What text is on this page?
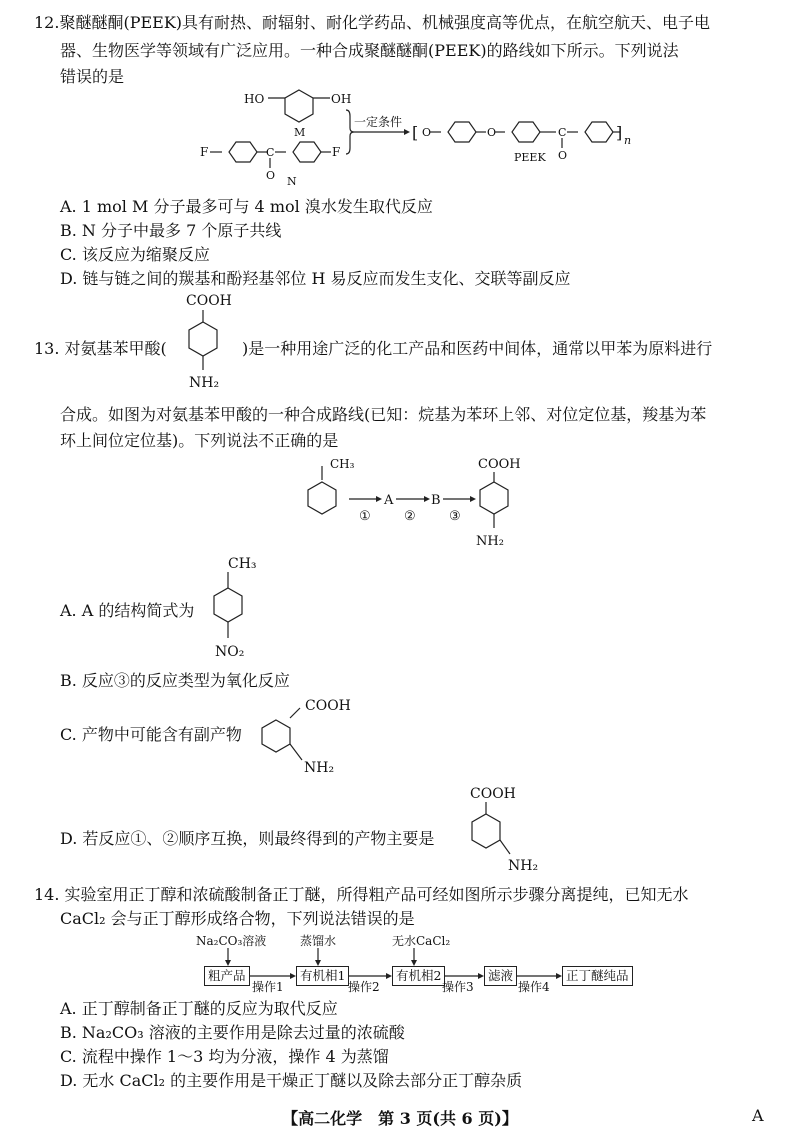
12.聚醚醚酮(PEEK)具有耐热、耐辐射、耐化学药品、机械强度高等优点，在航空航天、电子电
器、生物医学等领域有广泛应用。一种合成聚醚醚酮(PEEK)的路线如下所示。下列说法
错误的是
HO	OH
M
F	C
O
F
N
一定条件
[ O	O	C
O
] n
PEEK
A. 1 mol M 分子最多可与 4 mol 溴水发生取代反应
B. N 分子中最多 7 个原子共线
C. 该反应为缩聚反应
D. 链与链之间的羰基和酚羟基邻位 H 易反应而发生支化、交联等副反应
COOH
NH₂
13. 对氨基苯甲酸(	)是一种用途广泛的化工产品和医药中间体，通常以甲苯为原料进行
合成。如图为对氨基苯甲酸的一种合成路线(已知：烷基为苯环上邻、对位定位基，羧基为苯
环上间位定位基)。下列说法不正确的是
CH₃
①
A
②
B
③
COOH
NH₂
A. A 的结构简式为
CH₃
NO₂
B. 反应③的反应类型为氧化反应
C. 产物中可能含有副产物
COOH
NH₂
D. 若反应①、②顺序互换，则最终得到的产物主要是
COOH
NH₂
14. 实验室用正丁醇和浓硫酸制备正丁醚，所得粗产品可经如图所示步骤分离提纯，已知无水
CaCl₂ 会与正丁醇形成络合物，下列说法错误的是
Na₂CO₃溶液	蒸馏水	无水CaCl₂
粗产品	有机相1	有机相2	滤液	正丁醚纯品
操作1	操作2	操作3	操作4
A. 正丁醇制备正丁醚的反应为取代反应
B. Na₂CO₃ 溶液的主要作用是除去过量的浓硫酸
C. 流程中操作 1～3 均为分液，操作 4 为蒸馏
D. 无水 CaCl₂ 的主要作用是干燥正丁醚以及除去部分正丁醇杂质
【高二化学　第 3 页(共 6 页)】	A
